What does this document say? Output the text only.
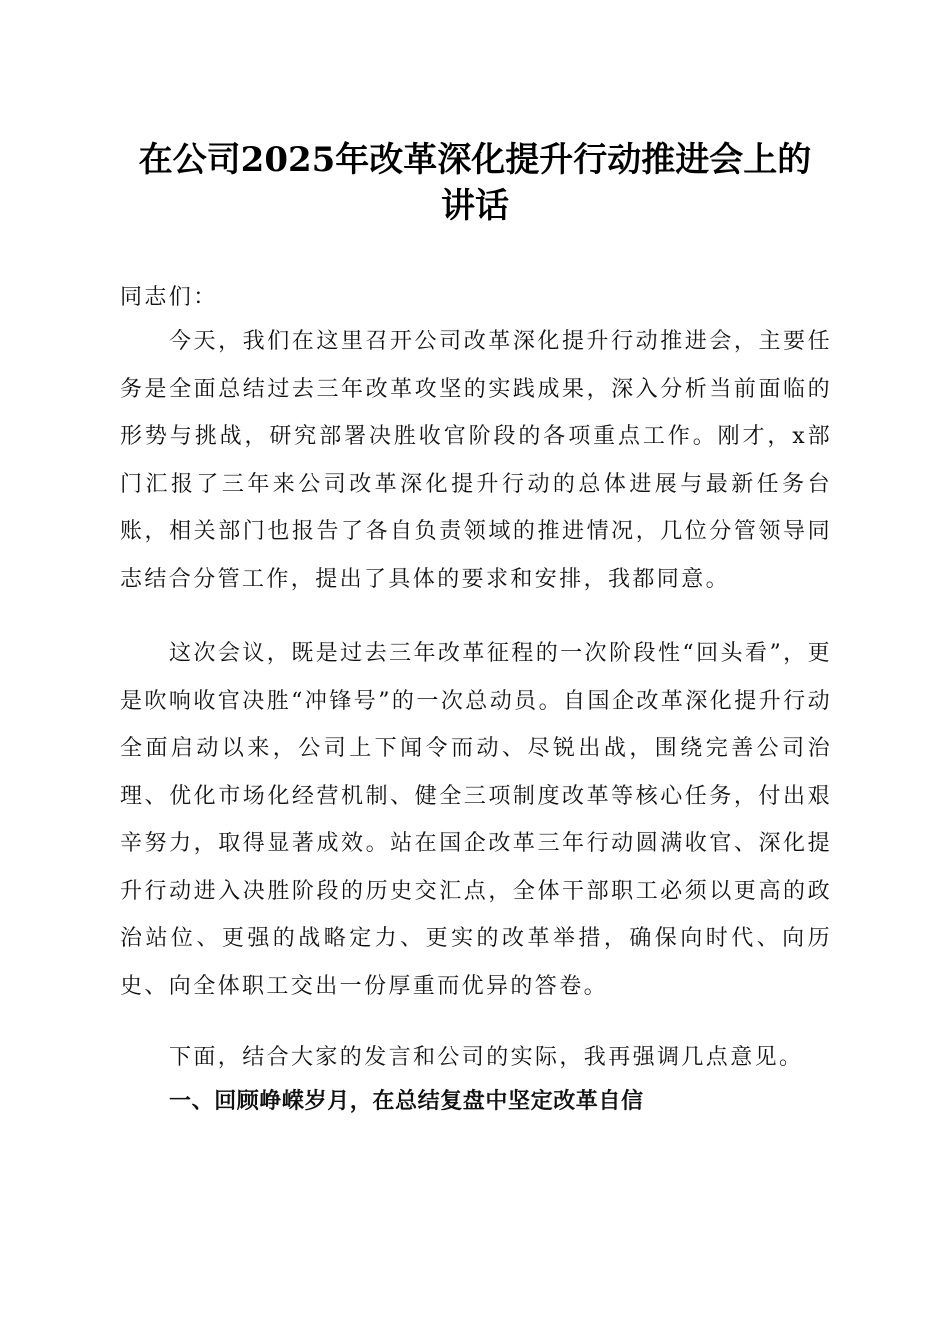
在公司2025年改革深化提升行动推进会上的
讲话

同志们：

今天，我们在这里召开公司改革深化提升行动推进会，主要任务是全面总结过去三年改革攻坚的实践成果，深入分析当前面临的形势与挑战，研究部署决胜收官阶段的各项重点工作。刚才，x部门汇报了三年来公司改革深化提升行动的总体进展与最新任务台账，相关部门也报告了各自负责领域的推进情况，几位分管领导同志结合分管工作，提出了具体的要求和安排，我都同意。

这次会议，既是过去三年改革征程的一次阶段性“回头看”，更是吹响收官决胜“冲锋号”的一次总动员。自国企改革深化提升行动全面启动以来，公司上下闻令而动、尽锐出战，围绕完善公司治理、优化市场化经营机制、健全三项制度改革等核心任务，付出艰辛努力，取得显著成效。站在国企改革三年行动圆满收官、深化提升行动进入决胜阶段的历史交汇点，全体干部职工必须以更高的政治站位、更强的战略定力、更实的改革举措，确保向时代、向历史、向全体职工交出一份厚重而优异的答卷。

下面，结合大家的发言和公司的实际，我再强调几点意见。

一、回顾峥嵘岁月，在总结复盘中坚定改革自信
